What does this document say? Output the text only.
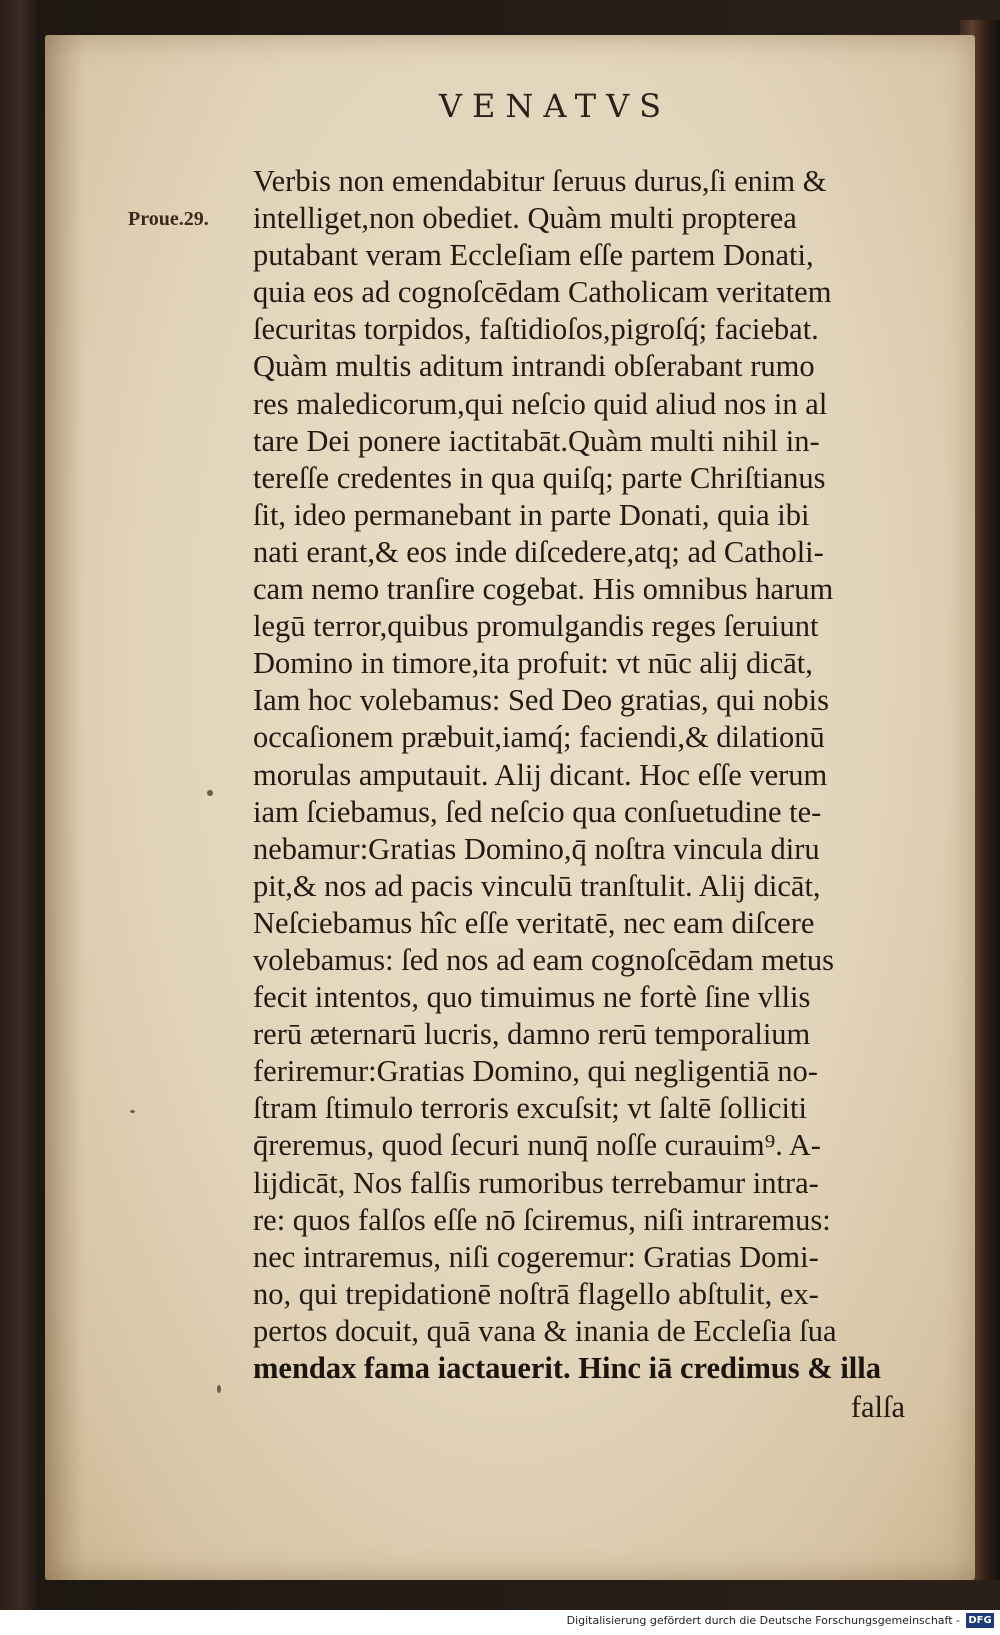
VENATVS
Proue.29.
Verbis non emendabitur ſeruus durus,ſi enim &
intelliget,non obediet. Quàm multi propterea
putabant veram Eccleſiam eſſe partem Donati,
quia eos ad cognoſcēdam Catholicam veritatem
ſecuritas torpidos, faſtidioſos,pigroſq́; faciebat.
Quàm multis aditum intrandi obſerabant rumo
res maledicorum,qui neſcio quid aliud nos in al
tare Dei ponere iactitabāt.Quàm multi nihil in-
tereſſe credentes in qua quiſq; parte Chriſtianus
ſit, ideo permanebant in parte Donati, quia ibi
nati erant,& eos inde diſcedere,atq; ad Catholi-
cam nemo tranſire cogebat. His omnibus harum
legū terror,quibus promulgandis reges ſeruiunt
Domino in timore,ita profuit: vt nūc alij dicāt,
Iam hoc volebamus: Sed Deo gratias, qui nobis
occaſionem præbuit,iamq́; faciendi,& dilationū
morulas amputauit. Alij dicant. Hoc eſſe verum
iam ſciebamus, ſed neſcio qua conſuetudine te-
nebamur:Gratias Domino,q̄ noſtra vincula diru
pit,& nos ad pacis vinculū tranſtulit. Alij dicāt,
Neſciebamus hîc eſſe veritatē, nec eam diſcere
volebamus: ſed nos ad eam cognoſcēdam metus
fecit intentos, quo timuimus ne fortè ſine vllis
rerū æternarū lucris, damno rerū temporalium
feriremur:Gratias Domino, qui negligentiā no-
ſtram ſtimulo terroris excuſsit; vt ſaltē ſolliciti
q̄reremus, quod ſecuri nunq̄ noſſe curauim⁹. A-
lijdicāt, Nos falſis rumoribus terrebamur intra-
re: quos falſos eſſe nō ſciremus, niſi intraremus:
nec intraremus, niſi cogeremur: Gratias Domi-
no, qui trepidationē noſtrā flagello abſtulit, ex-
pertos docuit, quā vana & inania de Eccleſia ſua
mendax fama iactauerit. Hinc iā credimus & illa
falſa
Digitalisierung gefördert durch die Deutsche Forschungsgemeinschaft - DFG
